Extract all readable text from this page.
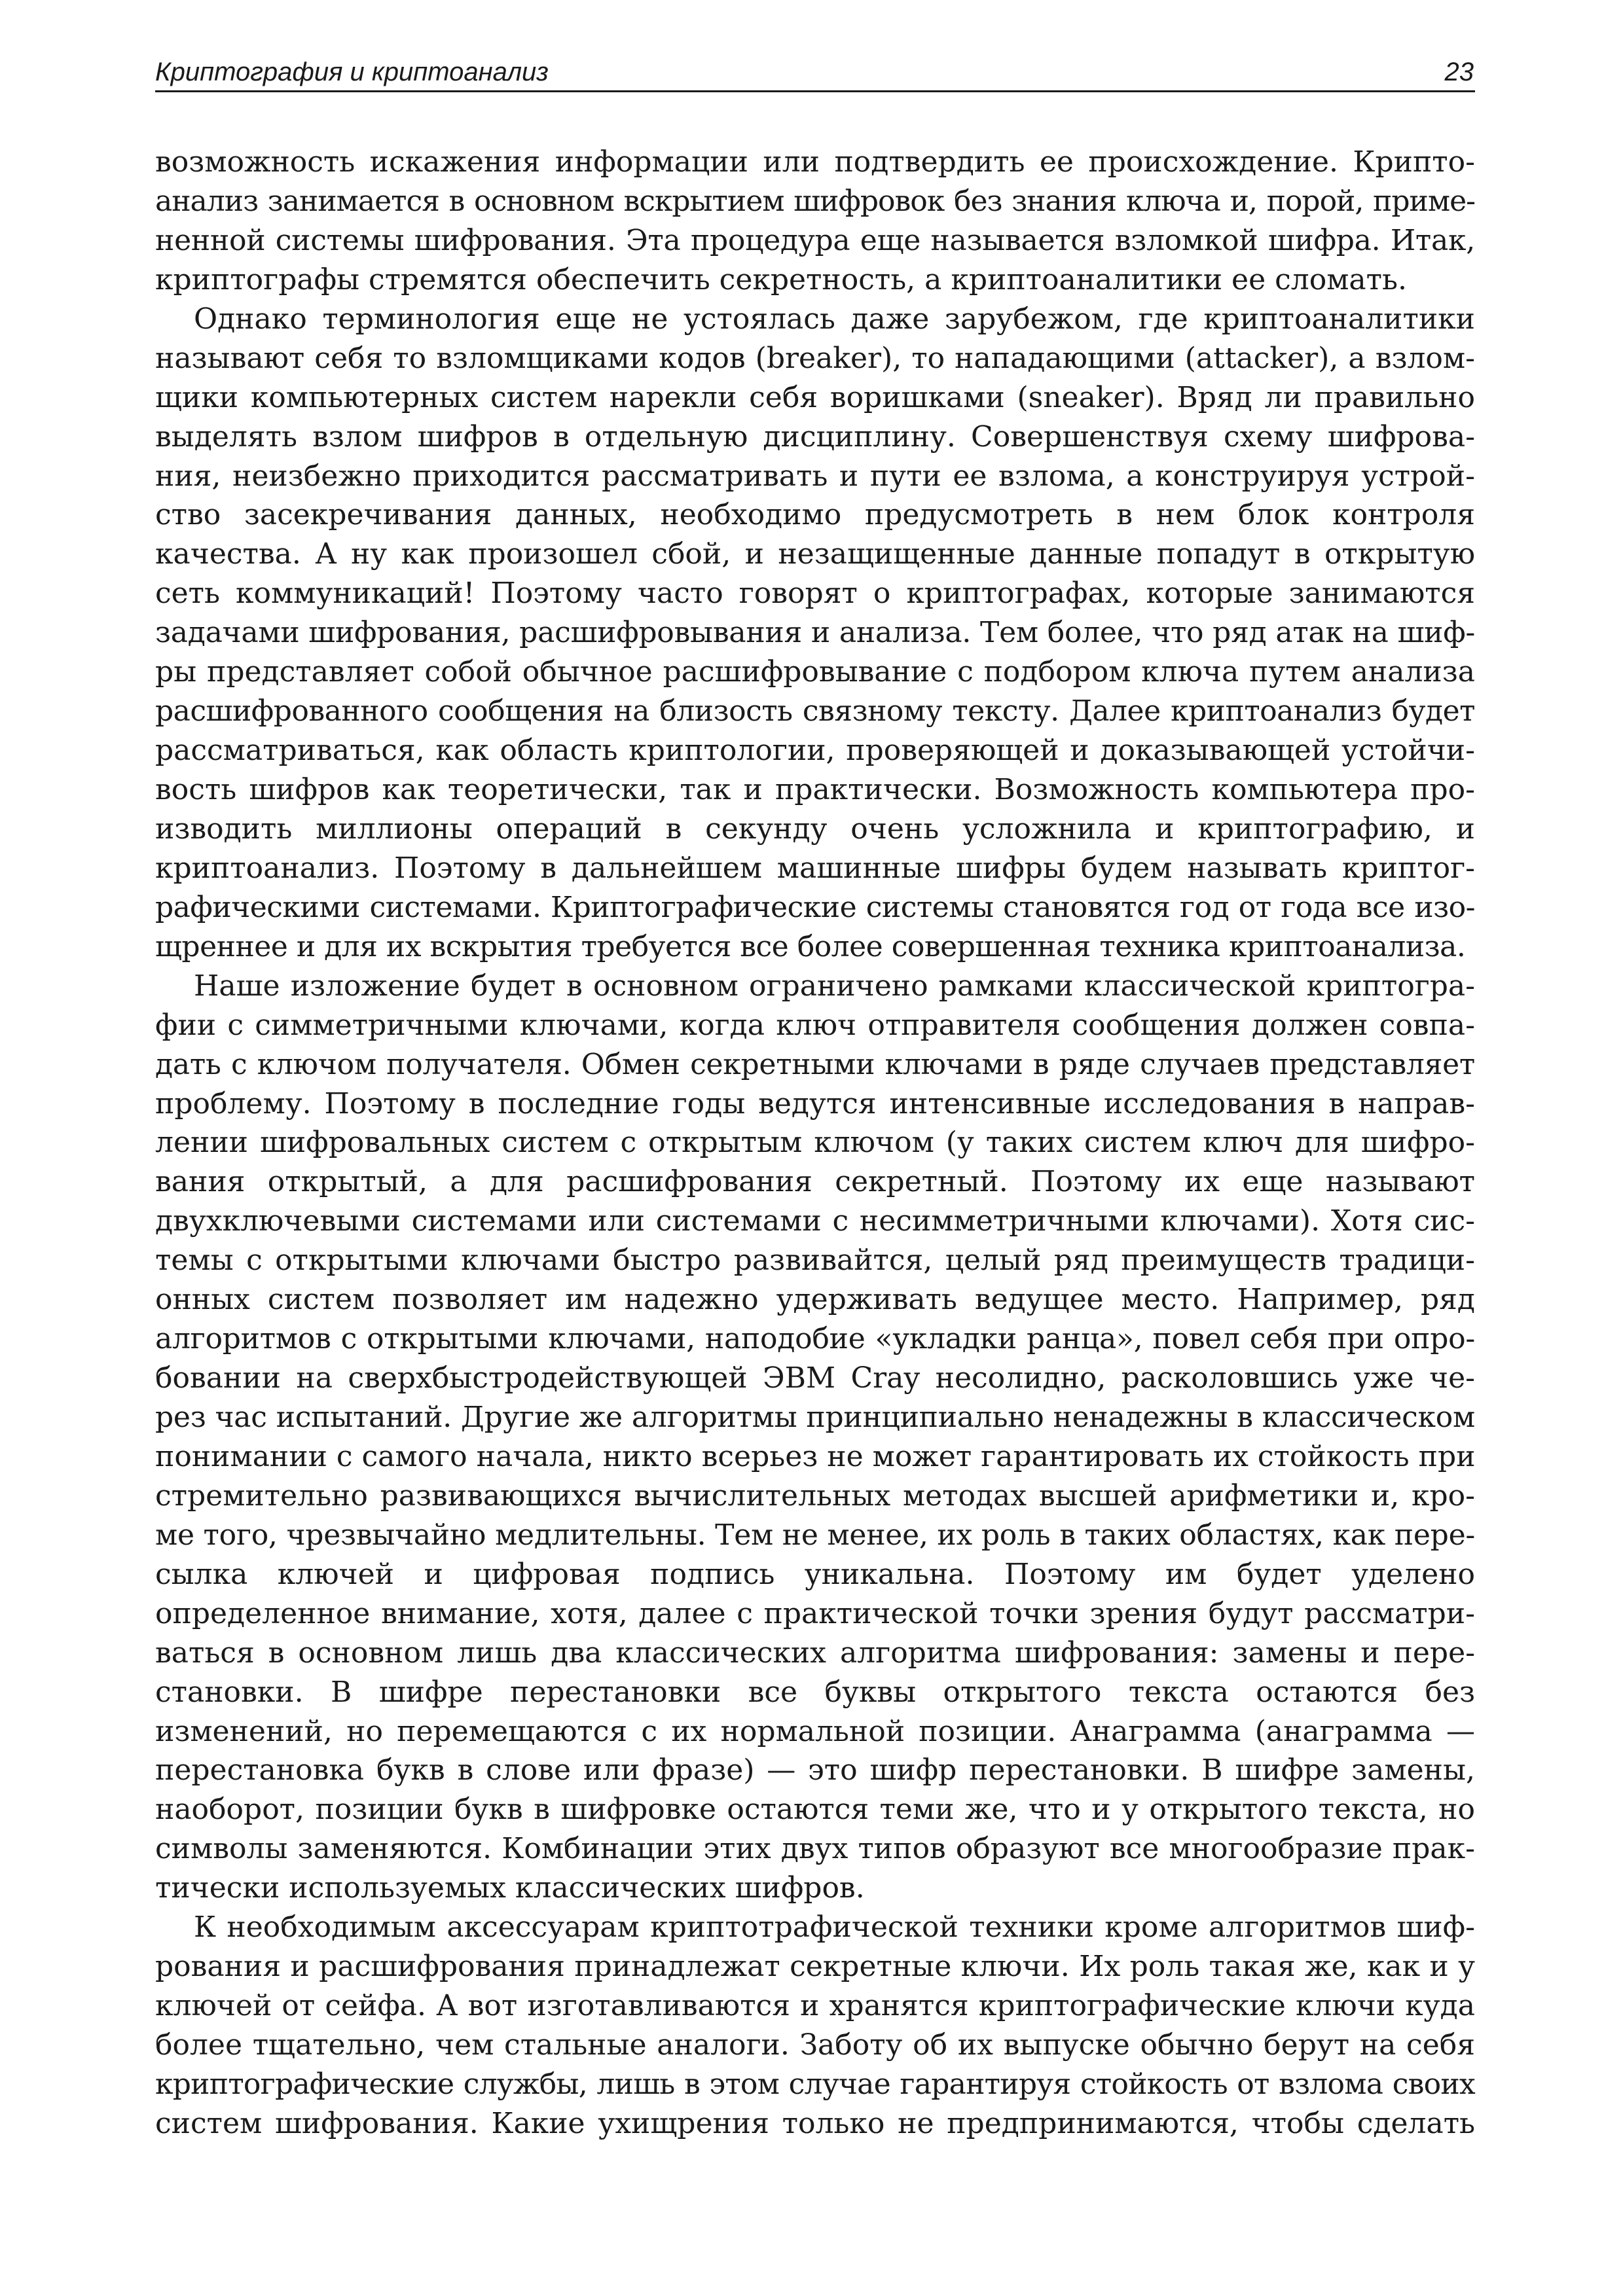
Криптография и криптоанализ	23
возможность искажения информации или подтвердить ее происхождение. Крипто-
анализ занимается в основном вскрытием шифровок без знания ключа и, порой, приме-
ненной системы шифрования. Эта процедура еще называется взломкой шифра. Итак,
криптографы стремятся обеспечить секретность, а криптоаналитики ее сломать.
Однако терминология еще не устоялась даже зарубежом, где криптоаналитики
называют себя то взломщиками кодов (breaker), то нападающими (attacker), а взлом-
щики компьютерных систем нарекли себя воришками (sneaker). Вряд ли правильно
выделять взлом шифров в отдельную дисциплину. Совершенствуя схему шифрова-
ния, неизбежно приходится рассматривать и пути ее взлома, а конструируя устрой-
ство засекречивания данных, необходимо предусмотреть в нем блок контроля
качества. А ну как произошел сбой, и незащищенные данные попадут в открытую
сеть коммуникаций! Поэтому часто говорят о криптографах, которые занимаются
задачами шифрования, расшифровывания и анализа. Тем более, что ряд атак на шиф-
ры представляет собой обычное расшифровывание с подбором ключа путем анализа
расшифрованного сообщения на близость связному тексту. Далее криптоанализ будет
рассматриваться, как область криптологии, проверяющей и доказывающей устойчи-
вость шифров как теоретически, так и практически. Возможность компьютера про-
изводить миллионы операций в секунду очень усложнила и криптографию, и
криптоанализ. Поэтому в дальнейшем машинные шифры будем называть криптог-
рафическими системами. Криптографические системы становятся год от года все изо-
щреннее и для их вскрытия требуется все более совершенная техника криптоанализа.
Наше изложение будет в основном ограничено рамками классической криптогра-
фии с симметричными ключами, когда ключ отправителя сообщения должен совпа-
дать с ключом получателя. Обмен секретными ключами в ряде случаев представляет
проблему. Поэтому в последние годы ведутся интенсивные исследования в направ-
лении шифровальных систем с открытым ключом (у таких систем ключ для шифро-
вания открытый, а для расшифрования секретный. Поэтому их еще называют
двухключевыми системами или системами с несимметричными ключами). Хотя сис-
темы с открытыми ключами быстро развивайтся, целый ряд преимуществ традици-
онных систем позволяет им надежно удерживать ведущее место. Например, ряд
алгоритмов с открытыми ключами, наподобие «укладки ранца», повел себя при опро-
бовании на сверхбыстродействующей ЭВМ Cray несолидно, расколовшись уже че-
рез час испытаний. Другие же алгоритмы принципиально ненадежны в классическом
понимании с самого начала, никто всерьез не может гарантировать их стойкость при
стремительно развивающихся вычислительных методах высшей арифметики и, кро-
ме того, чрезвычайно медлительны. Тем не менее, их роль в таких областях, как пере-
сылка ключей и цифровая подпись уникальна. Поэтому им будет уделено
определенное внимание, хотя, далее с практической точки зрения будут рассматри-
ваться в основном лишь два классических алгоритма шифрования: замены и пере-
становки. В шифре перестановки все буквы открытого текста остаются без
изменений, но перемещаются с их нормальной позиции. Анаграмма (анаграмма —
перестановка букв в слове или фразе) — это шифр перестановки. В шифре замены,
наоборот, позиции букв в шифровке остаются теми же, что и у открытого текста, но
символы заменяются. Комбинации этих двух типов образуют все многообразие прак-
тически используемых классических шифров.
К необходимым аксессуарам криптотрафической техники кроме алгоритмов шиф-
рования и расшифрования принадлежат секретные ключи. Их роль такая же, как и у
ключей от сейфа. А вот изготавливаются и хранятся криптографические ключи куда
более тщательно, чем стальные аналоги. Заботу об их выпуске обычно берут на себя
криптографические службы, лишь в этом случае гарантируя стойкость от взлома своих
систем шифрования. Какие ухищрения только не предпринимаются, чтобы сделать
